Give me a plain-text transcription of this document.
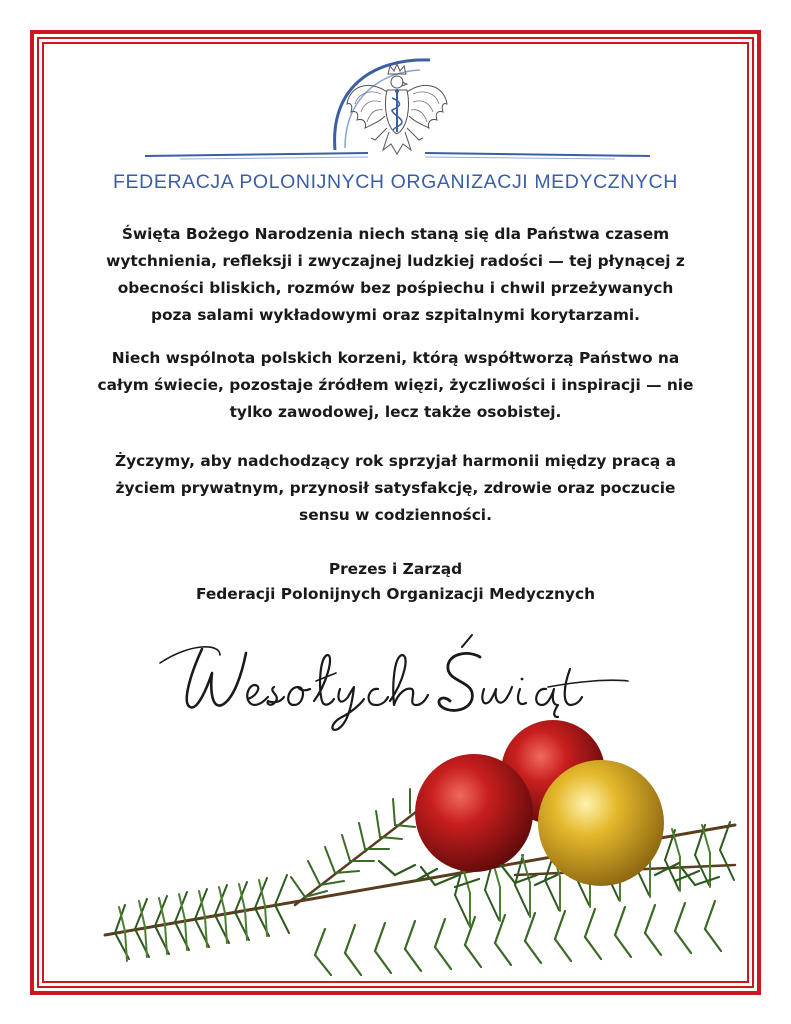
FEDERACJA POLONIJNYCH ORGANIZACJI MEDYCZNYCH

Święta Bożego Narodzenia niech staną się dla Państwa czasem wytchnienia, refleksji i zwyczajnej ludzkiej radości — tej płynącej z obecności bliskich, rozmów bez pośpiechu i chwil przeżywanych poza salami wykładowymi oraz szpitalnymi korytarzami.

Niech wspólnota polskich korzeni, którą współtworzą Państwo na całym świecie, pozostaje źródłem więzi, życzliwości i inspiracji — nie tylko zawodowej, lecz także osobistej.

Życzymy, aby nadchodzący rok sprzyjał harmonii między pracą a życiem prywatnym, przynosił satysfakcję, zdrowie oraz poczucie sensu w codzienności.

Prezes i Zarząd
Federacji Polonijnych Organizacji Medycznych
